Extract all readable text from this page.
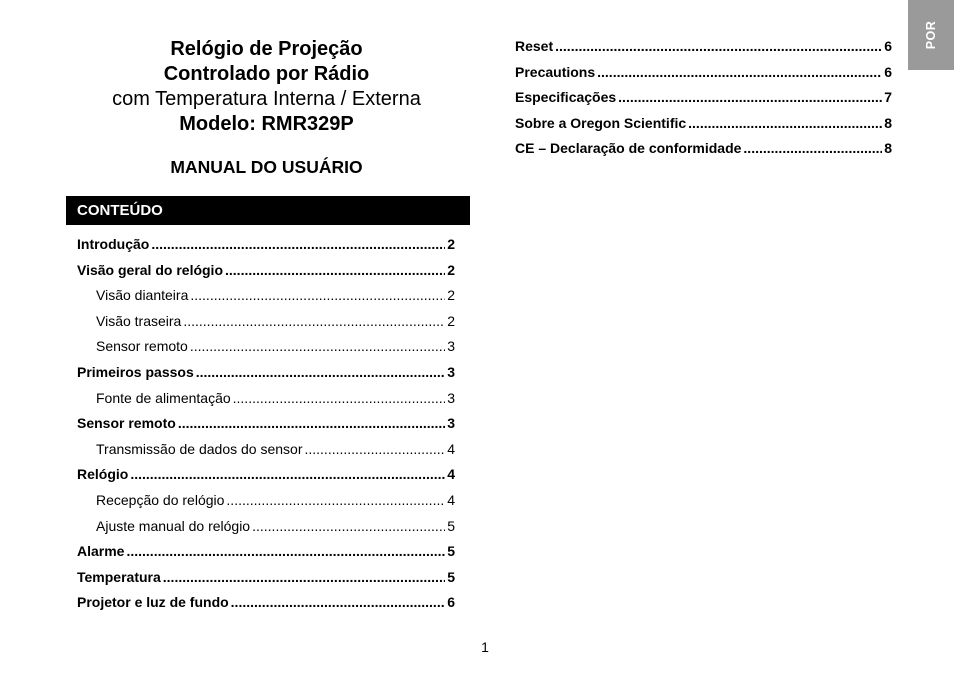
Relógio de Projeção
Controlado por Rádio
com Temperatura Interna / Externa
Modelo: RMR329P
MANUAL DO USUÁRIO
CONTEÚDO
Introdução .....	2
Visão geral do relógio .....	2
Visão dianteira .....	2
Visão traseira .....	2
Sensor remoto .....	3
Primeiros passos .....	3
Fonte de alimentação .....	3
Sensor remoto .....	3
Transmissão de dados do sensor .....	4
Relógio .....	4
Recepção do relógio .....	4
Ajuste manual do relógio .....	5
Alarme .....	5
Temperatura .....	5
Projetor e luz de fundo .....	6
Reset .....	6
Precautions .....	6
Especificações .....	7
Sobre a Oregon Scientific .....	8
CE – Declaração de conformidade .....	8
POR
1
